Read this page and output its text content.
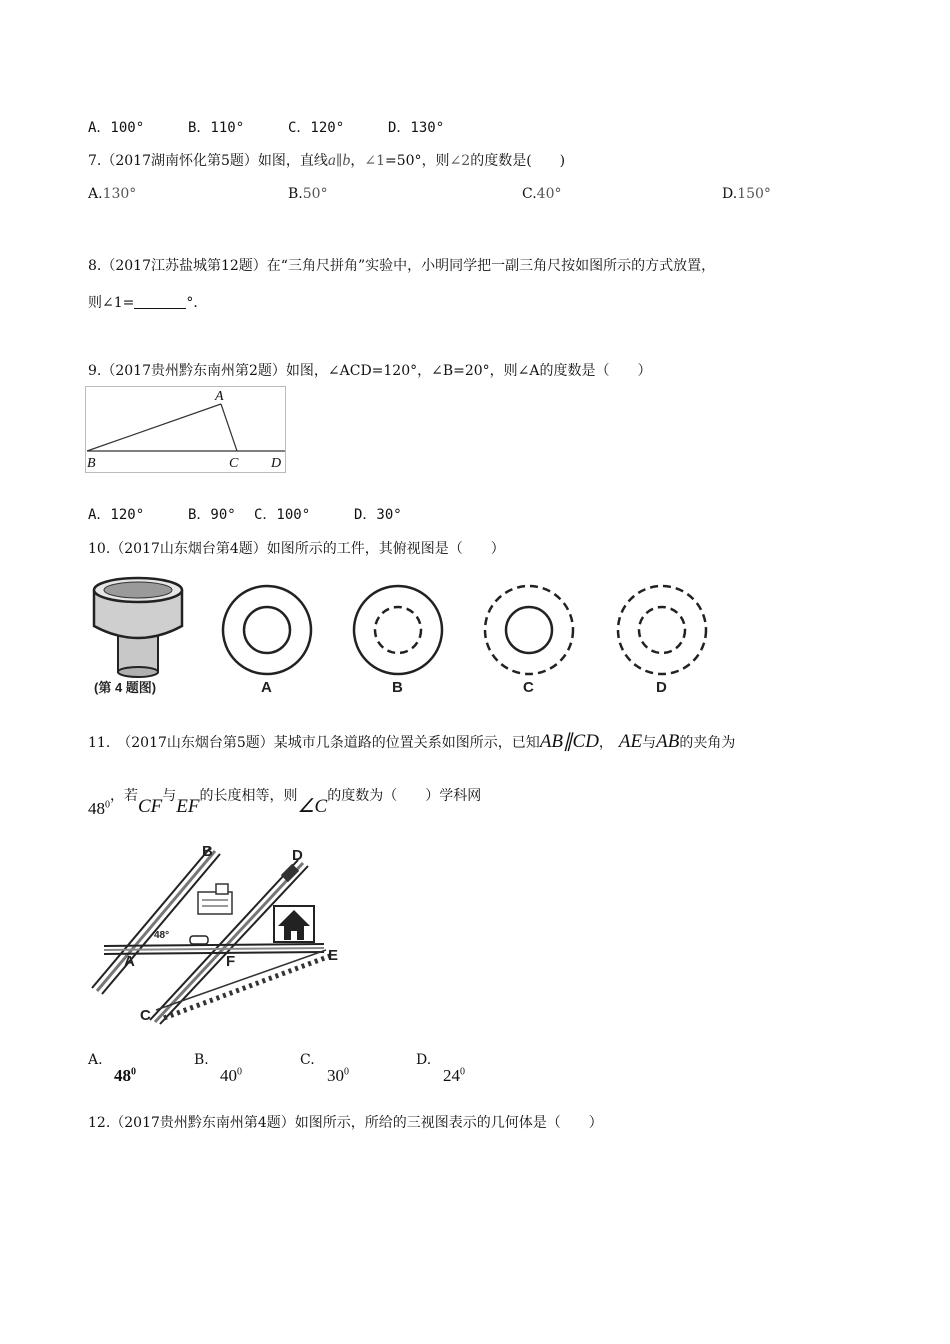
A．100°	B．110°	C．120°	D．130°
7.（2017湖南怀化第5题）如图，直线a∥b，∠1=50°，则∠2的度数是(　　)
A.130°	B.50°	C.40°	D.150°
8.（2017江苏盐城第12题）在“三角尺拼角”实验中，小明同学把一副三角尺按如图所示的方式放置，
则∠1=	°．
9.（2017贵州黔东南州第2题）如图，∠ACD=120°，∠B=20°，则∠A的度数是（　　）
A
B	C D
A．120°	B．90° C．100°	D．30°
10.（2017山东烟台第4题）如图所示的工件，其俯视图是（　　）
(第 4 题图)	A	B	C	D
11.　（2017山东烟台第5题）某城市几条道路的位置关系如图所示，已知AB∥CD， AE与AB的夹角为
$48^0$，若CF与EF的长度相等，则∠C的度数为（　　）学科网
48°
B	D
A	F	E
C
A.
$48^0$
B.
$40^0$
C.
$30^0$
D.
$24^0$
12.（2017贵州黔东南州第4题）如图所示，所给的三视图表示的几何体是（　　）
